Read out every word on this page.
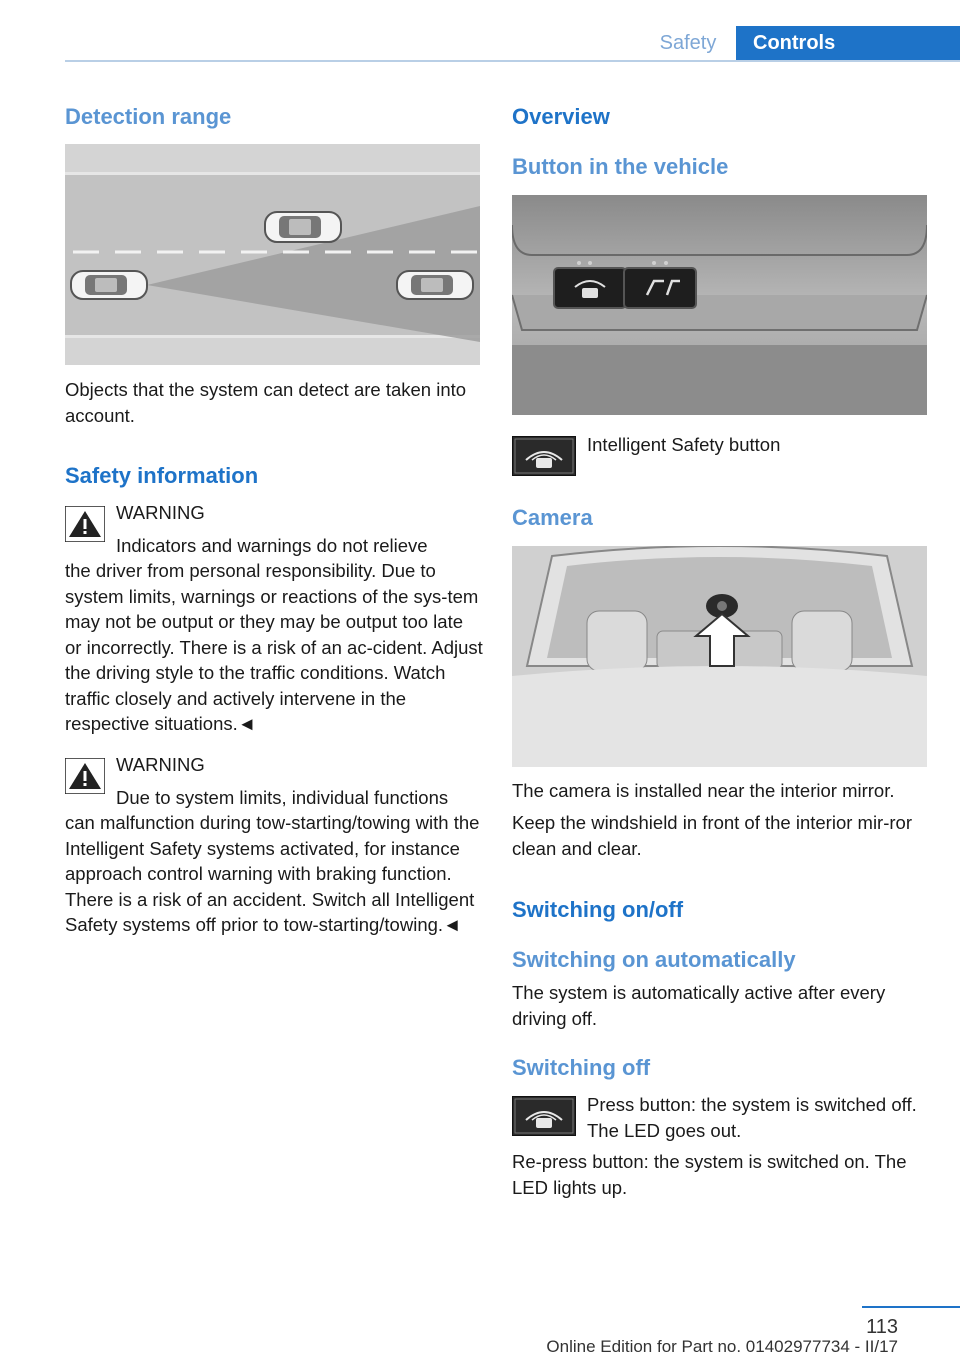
Safety	Controls
Detection range
Objects that the system can detect are taken into account.
Safety information
WARNING
Indicators and warnings do not relieve
the driver from personal responsibility. Due to system limits, warnings or reactions of the sys-tem may not be output or they may be output too late or incorrectly. There is a risk of an ac-cident. Adjust the driving style to the traffic conditions. Watch traffic closely and actively intervene in the respective situations.◄
WARNING
Due to system limits, individual functions
can malfunction during tow-starting/towing with the Intelligent Safety systems activated, for instance approach control warning with braking function. There is a risk of an accident. Switch all Intelligent Safety systems off prior to tow-starting/towing.◄
Overview
Button in the vehicle
Intelligent Safety button
Camera
The camera is installed near the interior mirror.
Keep the windshield in front of the interior mir-ror clean and clear.
Switching on/off
Switching on automatically
The system is automatically active after every driving off.
Switching off
Press button: the system is switched off. The LED goes out.
Re-press button: the system is switched on. The LED lights up.
113
Online Edition for Part no. 01402977734 - II/17
